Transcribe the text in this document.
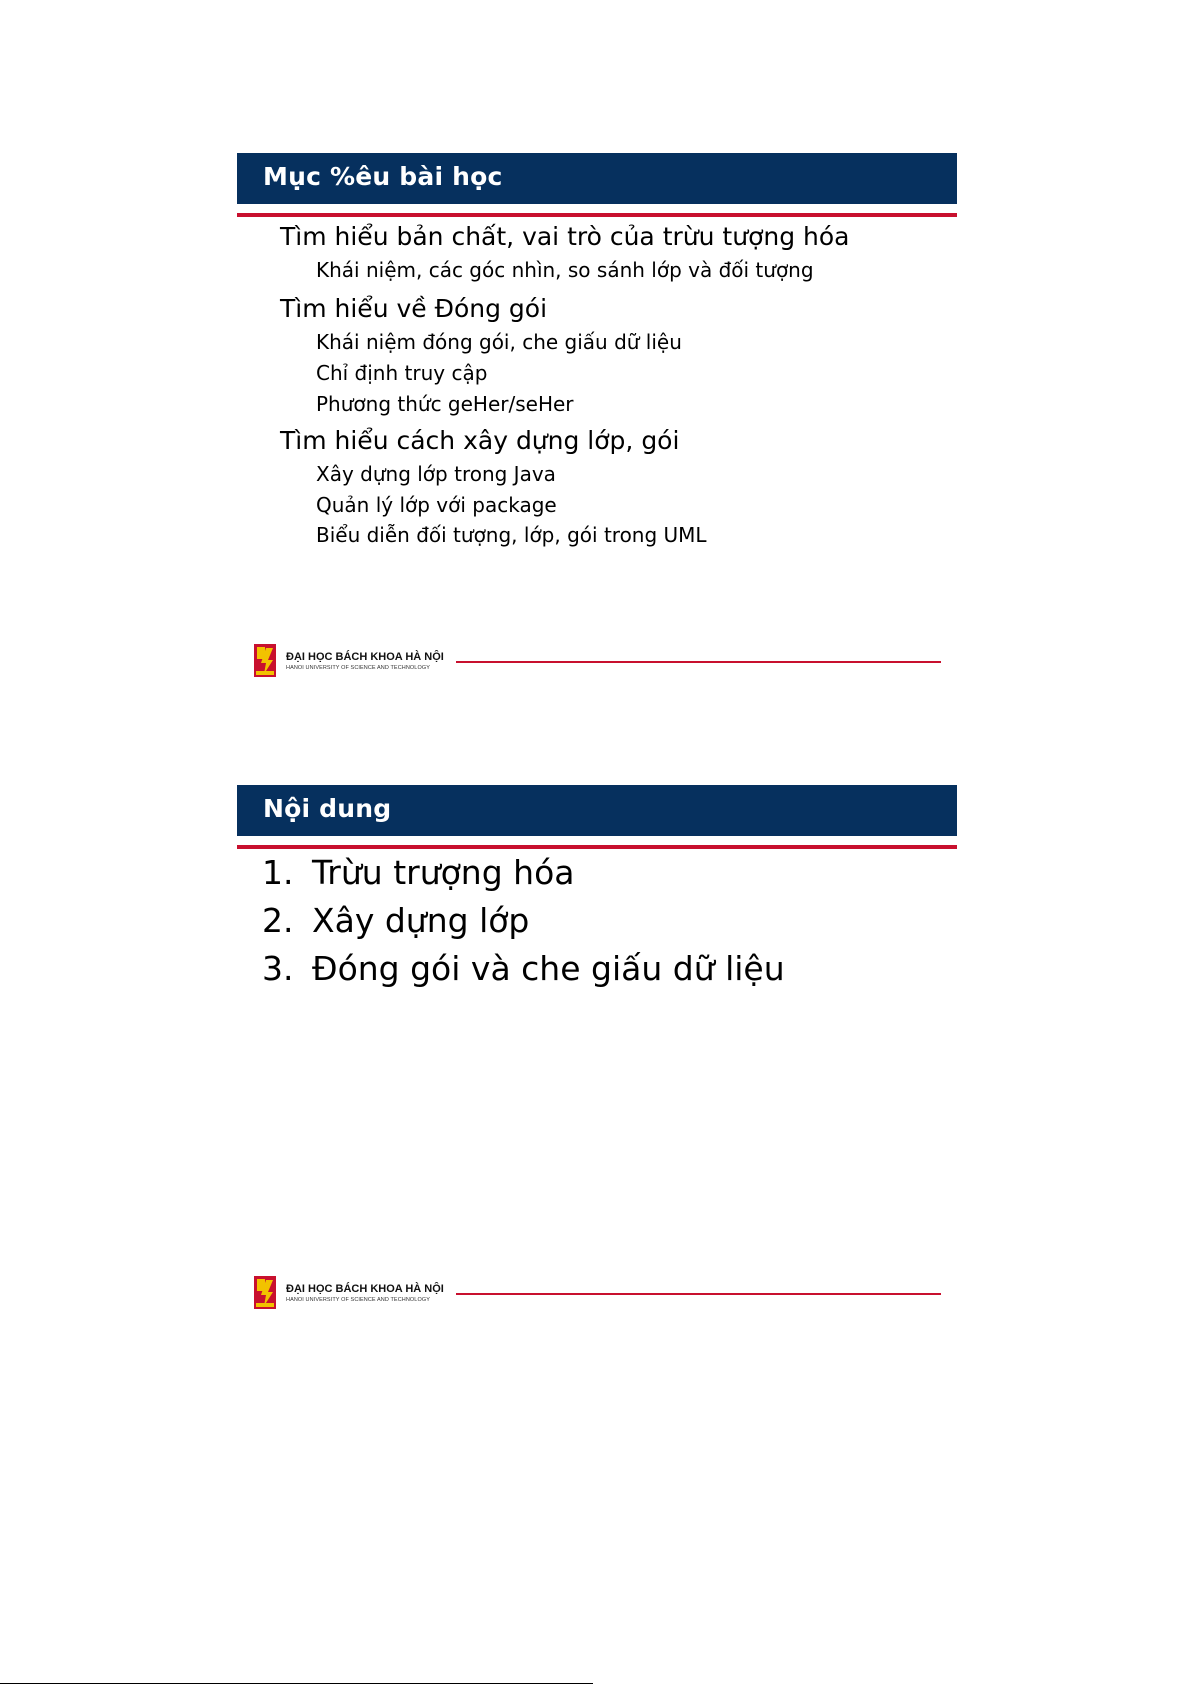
Mục %êu bài học
Tìm hiểu bản chất, vai trò của trừu tượng hóa
Khái niệm, các góc nhìn, so sánh lớp và đối tượng
Tìm hiểu về Đóng gói
Khái niệm đóng gói, che giấu dữ liệu
Chỉ định truy cập
Phương thức geHer/seHer
Tìm hiểu cách xây dựng lớp, gói
Xây dựng lớp trong Java
Quản lý lớp với package
Biểu diễn đối tượng, lớp, gói trong UML
ĐẠI HỌC BÁCH KHOA HÀ NỘI
HANOI UNIVERSITY OF SCIENCE AND TECHNOLOGY
Nội dung
1. Trừu trượng hóa
2. Xây dựng lớp
3. Đóng gói và che giấu dữ liệu
ĐẠI HỌC BÁCH KHOA HÀ NỘI
HANOI UNIVERSITY OF SCIENCE AND TECHNOLOGY
